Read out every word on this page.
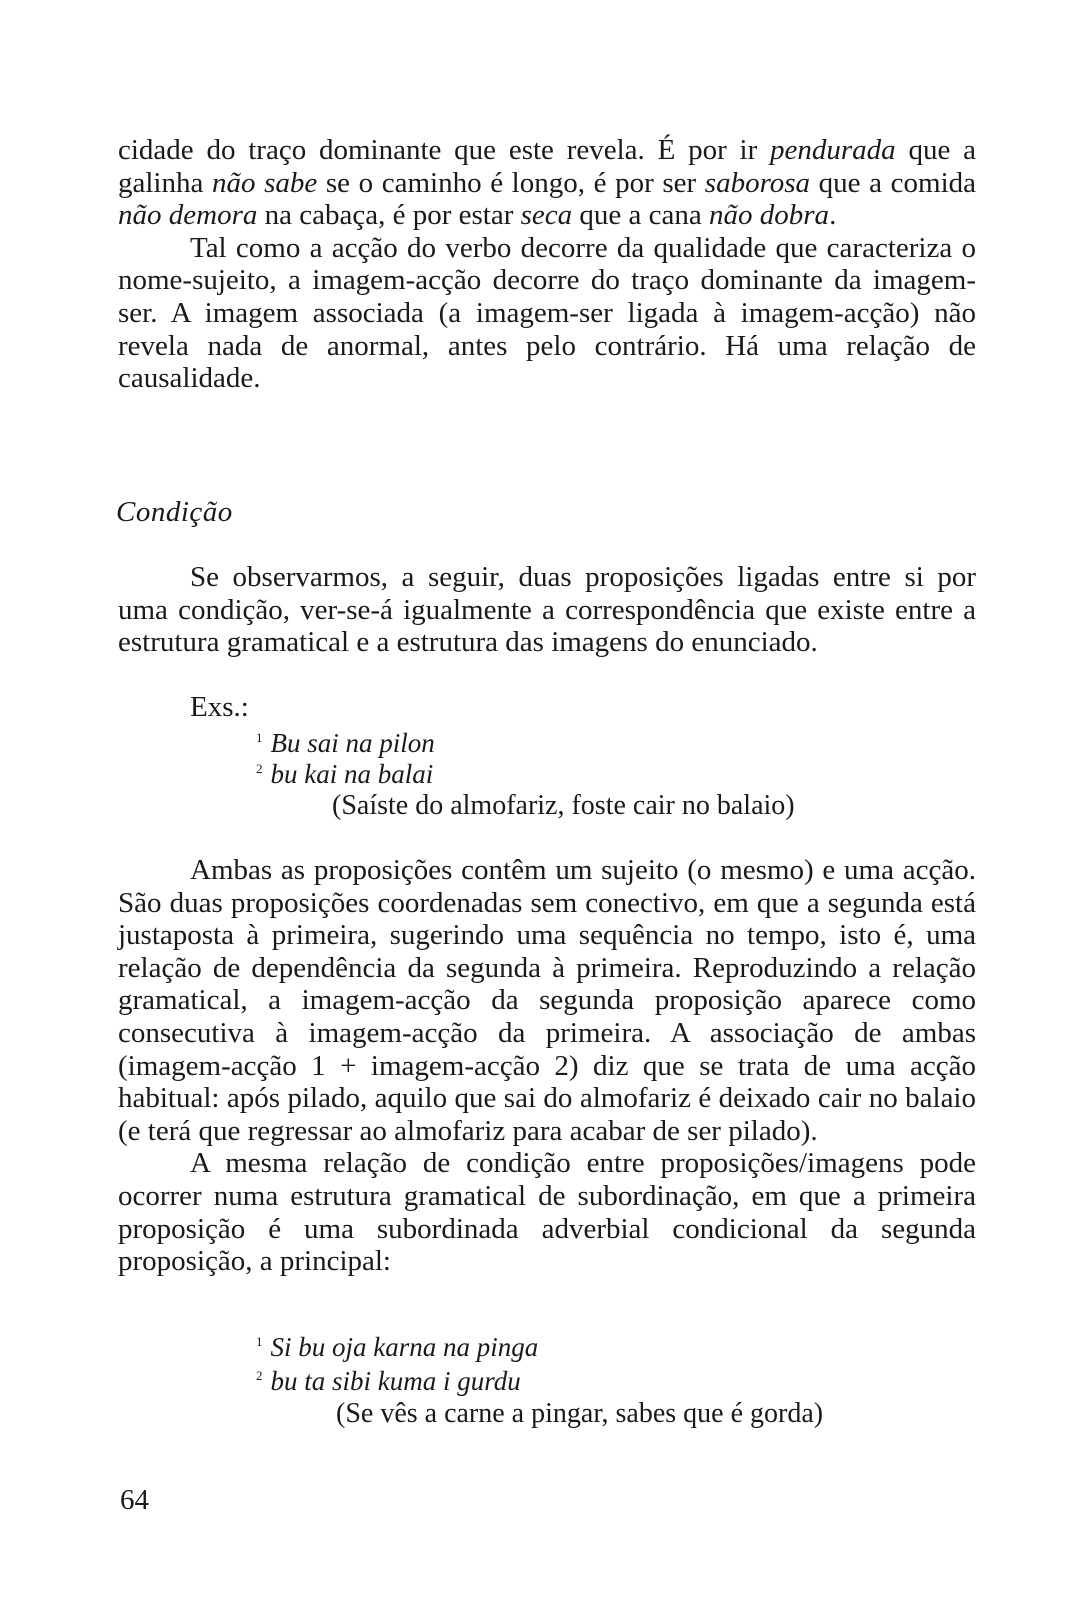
cidade do traço dominante que este revela. É por ir pendurada que a galinha não sabe se o caminho é longo, é por ser saborosa que a comida não demora na cabaça, é por estar seca que a cana não dobra.

Tal como a acção do verbo decorre da qualidade que caracteriza o nome-sujeito, a imagem-acção decorre do traço dominante da imagem-ser. A imagem associada (a imagem-ser ligada à imagem-acção) não revela nada de anormal, antes pelo contrário. Há uma relação de causalidade.

Condição

Se observarmos, a seguir, duas proposições ligadas entre si por uma condição, ver-se-á igualmente a correspondência que existe entre a estrutura gramatical e a estrutura das imagens do enunciado.

Exs.:
$^1$ Bu sai na pilon
$^2$ bu kai na balai
(Saíste do almofariz, foste cair no balaio)

Ambas as proposições contêm um sujeito (o mesmo) e uma acção. São duas proposições coordenadas sem conectivo, em que a segunda está justaposta à primeira, sugerindo uma sequência no tempo, isto é, uma relação de dependência da segunda à primeira. Reproduzindo a relação gramatical, a imagem-acção da segunda proposição aparece como consecutiva à imagem-acção da primeira. A associação de ambas (imagem-acção 1 + imagem-acção 2) diz que se trata de uma acção habitual: após pilado, aquilo que sai do almofariz é deixado cair no balaio (e terá que regressar ao almofariz para acabar de ser pilado).

A mesma relação de condição entre proposições/imagens pode ocorrer numa estrutura gramatical de subordinação, em que a primeira proposição é uma subordinada adverbial condicional da segunda proposição, a principal:

$^1$ Si bu oja karna na pinga
$^2$ bu ta sibi kuma i gurdu
(Se vês a carne a pingar, sabes que é gorda)
64
